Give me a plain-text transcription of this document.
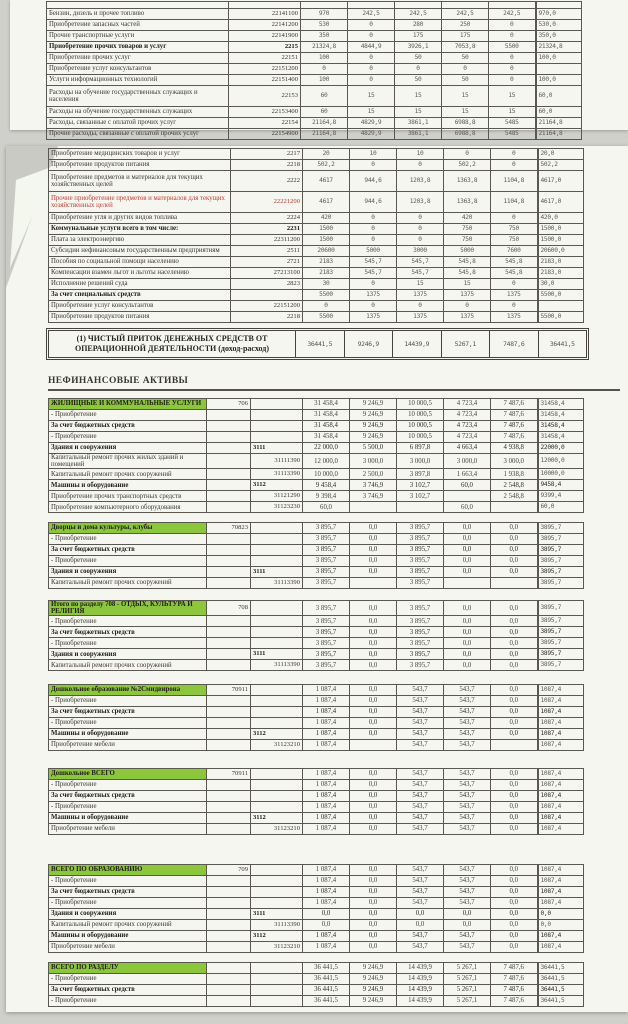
Бензин, дизель и прочее топливо	22141100	970	242,5	242,5	242,5	242,5	970,0
Приобретение запасных частей	22141200	530	0	280	250	0	530,0
Прочие транспортные услуги	22141900	350	0	175	175	0	350,0
Приобретение прочих товаров и услуг	2215	21324,8	4844,9	3926,1	7053,8	5500	21324,8
Приобретение прочих услуг	22151	100	0	50	50	0	100,0
Приобретение услуг консультантов	22151200	0	0	0	0	0	
Услуги информационных технологий	22151400	100	0	50	50	0	100,0
Расходы на обучение государственных служащих и населения	22153	60	15	15	15	15	60,0
Расходы на обучение государственных служащих	22153400	60	15	15	15	15	60,0
Расходы, связанные с оплатой прочих услуг	22154	21164,8	4829,9	3861,1	6988,8	5485	21164,8
Прочие расходы, связанные с оплатой прочих услуг	22154900	21164,8	4829,9	3861,1	6988,8	5485	21164,8
Приобретение медицинских товаров и услуг	2217	20	10	10	0	0	20,0
Приобретение продуктов питания	2218	502,2	0	0	502,2	0	502,2
Приобретение предметов и материалов для текущих хозяйственных целей	2222	4617	944,6	1203,8	1363,8	1104,8	4617,0
Прочие приобретение предметов и материалов для текущих хозяйственных целей	22221200	4617	944,6	1203,8	1363,8	1104,8	4617,0
Приобретение угля и других видов топлива	2224	420	0	0	420	0	420,0
Коммунальные услуги всего в том числе:	2231	1500	0	0	750	750	1500,0
Плата за электроэнергию	22311200	1500	0	0	750	750	1500,0
Субсидии нефинансовым государственным предприятиям	2511	20600	5000	3000	5000	7600	20600,0
Пособия по социальной помощи населению	2721	2183	545,7	545,7	545,8	545,8	2183,0
Компенсации взамен льгот и льготы населению	27213100	2183	545,7	545,7	545,8	545,8	2183,0
Исполнение решений суда	2823	30	0	15	15	0	30,0
За счет специальных средств		5500	1375	1375	1375	1375	5500,0
Приобретение услуг консультантов	22151200	0	0	0	0	0	
Приобретение продуктов питания	2218	5500	1375	1375	1375	1375	5500,0
(1) ЧИСТЫЙ ПРИТОК ДЕНЕЖНЫХ СРЕДСТВ ОТ ОПЕРАЦИОННОЙ ДЕЯТЕЛЬНОСТИ (доход-расход)	36441,5	9246,9	14439,9	5267,1	7487,6	36441,5
НЕФИНАНСОВЫЕ АКТИВЫ
ЖИЛИЩНЫЕ И КОММУНАЛЬНЫЕ УСЛУГИ	706		31 458,4	9 246,9	10 000,5	4 723,4	7 487,6	31458,4
- Приобретение			31 458,4	9 246,9	10 000,5	4 723,4	7 487,6	31458,4
За счет бюджетных средств			31 458,4	9 246,9	10 000,5	4 723,4	7 487,6	31458,4
- Приобретение			31 458,4	9 246,9	10 000,5	4 723,4	7 487,6	31458,4
Здания и сооружения		3111	22 000,0	5 500,0	6 897,8	4 663,4	4 938,8	22000,0
Капитальный ремонт прочих жилых зданий и помещений		31111390	12 000,0	3 000,0	3 000,0	3 000,0	3 000,0	12000,0
Капитальный ремонт прочих сооружений		31113390	10 000,0	2 500,0	3 897,8	1 663,4	1 938,8	10000,0
Машины и оборудование		3112	9 458,4	3 746,9	3 102,7	60,0	2 548,8	9458,4
Приобретение прочих транспортных средств		31121290	9 398,4	3 746,9	3 102,7		2 548,8	9399,4
Приобретение компьютерного оборудования		31123230	60,0			60,0		60,0
Дворцы и дома культуры, клубы	70823		3 895,7	0,0	3 895,7	0,0	0,0	3895,7
- Приобретение			3 895,7	0,0	3 895,7	0,0	0,0	3895,7
За счет бюджетных средств			3 895,7	0,0	3 895,7	0,0	0,0	3895,7
- Приобретение			3 895,7	0,0	3 895,7	0,0	0,0	3895,7
Здания и сооружения		3111	3 895,7	0,0	3 895,7	0,0	0,0	3895,7
Капитальный ремонт прочих сооружений		31113390	3 895,7		3 895,7			3895,7
Итого по разделу 708 - ОТДЫХ, КУЛЬТУРА И РЕЛИГИЯ	708		3 895,7	0,0	3 895,7	0,0	0,0	3895,7
- Приобретение			3 895,7	0,0	3 895,7	0,0	0,0	3895,7
За счет бюджетных средств			3 895,7	0,0	3 895,7	0,0	0,0	3895,7
- Приобретение			3 895,7	0,0	3 895,7	0,0	0,0	3895,7
Здания и сооружения		3111	3 895,7	0,0	3 895,7	0,0	0,0	3895,7
Капитальный ремонт прочих сооружений		31113390	3 895,7	0,0	3 895,7	0,0	0,0	3895,7
Дошкольное образование №2Смидвирона	70911		1 087,4	0,0	543,7	543,7	0,0	1087,4
- Приобретение			1 087,4	0,0	543,7	543,7	0,0	1087,4
За счет бюджетных средств			1 087,4	0,0	543,7	543,7	0,0	1087,4
- Приобретение			1 087,4	0,0	543,7	543,7	0,0	1087,4
Машины и оборудование		3112	1 087,4	0,0	543,7	543,7	0,0	1087,4
Приобретение мебели		31123210	1 087,4		543,7	543,7		1087,4
Дошкольное ВСЕГО	70911		1 087,4	0,0	543,7	543,7	0,0	1087,4
- Приобретение			1 087,4	0,0	543,7	543,7	0,0	1087,4
За счет бюджетных средств			1 087,4	0,0	543,7	543,7	0,0	1087,4
- Приобретение			1 087,4	0,0	543,7	543,7	0,0	1087,4
Машины и оборудование		3112	1 087,4	0,0	543,7	543,7	0,0	1087,4
Приобретение мебели		31123210	1 087,4	0,0	543,7	543,7	0,0	1087,4
ВСЕГО ПО ОБРАЗОВАНИЮ	709		1 087,4	0,0	543,7	543,7	0,0	1087,4
- Приобретение			1 087,4	0,0	543,7	543,7	0,0	1087,4
За счет бюджетных средств			1 087,4	0,0	543,7	543,7	0,0	1087,4
- Приобретение			1 087,4	0,0	543,7	543,7	0,0	1087,4
Здания и сооружения		3111	0,0	0,0	0,0	0,0	0,0	0,0
Капитальный ремонт прочих сооружений		31113390	0,0	0,0	0,0	0,0	0,0	0,0
Машины и оборудование		3112	1 087,4	0,0	543,7	543,7	0,0	1087,4
Приобретение мебели		31123210	1 087,4	0,0	543,7	543,7	0,0	1087,4
ВСЕГО ПО РАЗДЕЛУ			36 441,5	9 246,9	14 439,9	5 267,1	7 487,6	36441,5
- Приобретение			36 441,5	9 246,9	14 439,9	5 267,1	7 487,6	36441,5
За счет бюджетных средств			36 441,5	9 246,9	14 439,9	5 267,1	7 487,6	36441,5
- Приобретение			36 441,5	9 246,9	14 439,9	5 267,1	7 487,6	36441,5
